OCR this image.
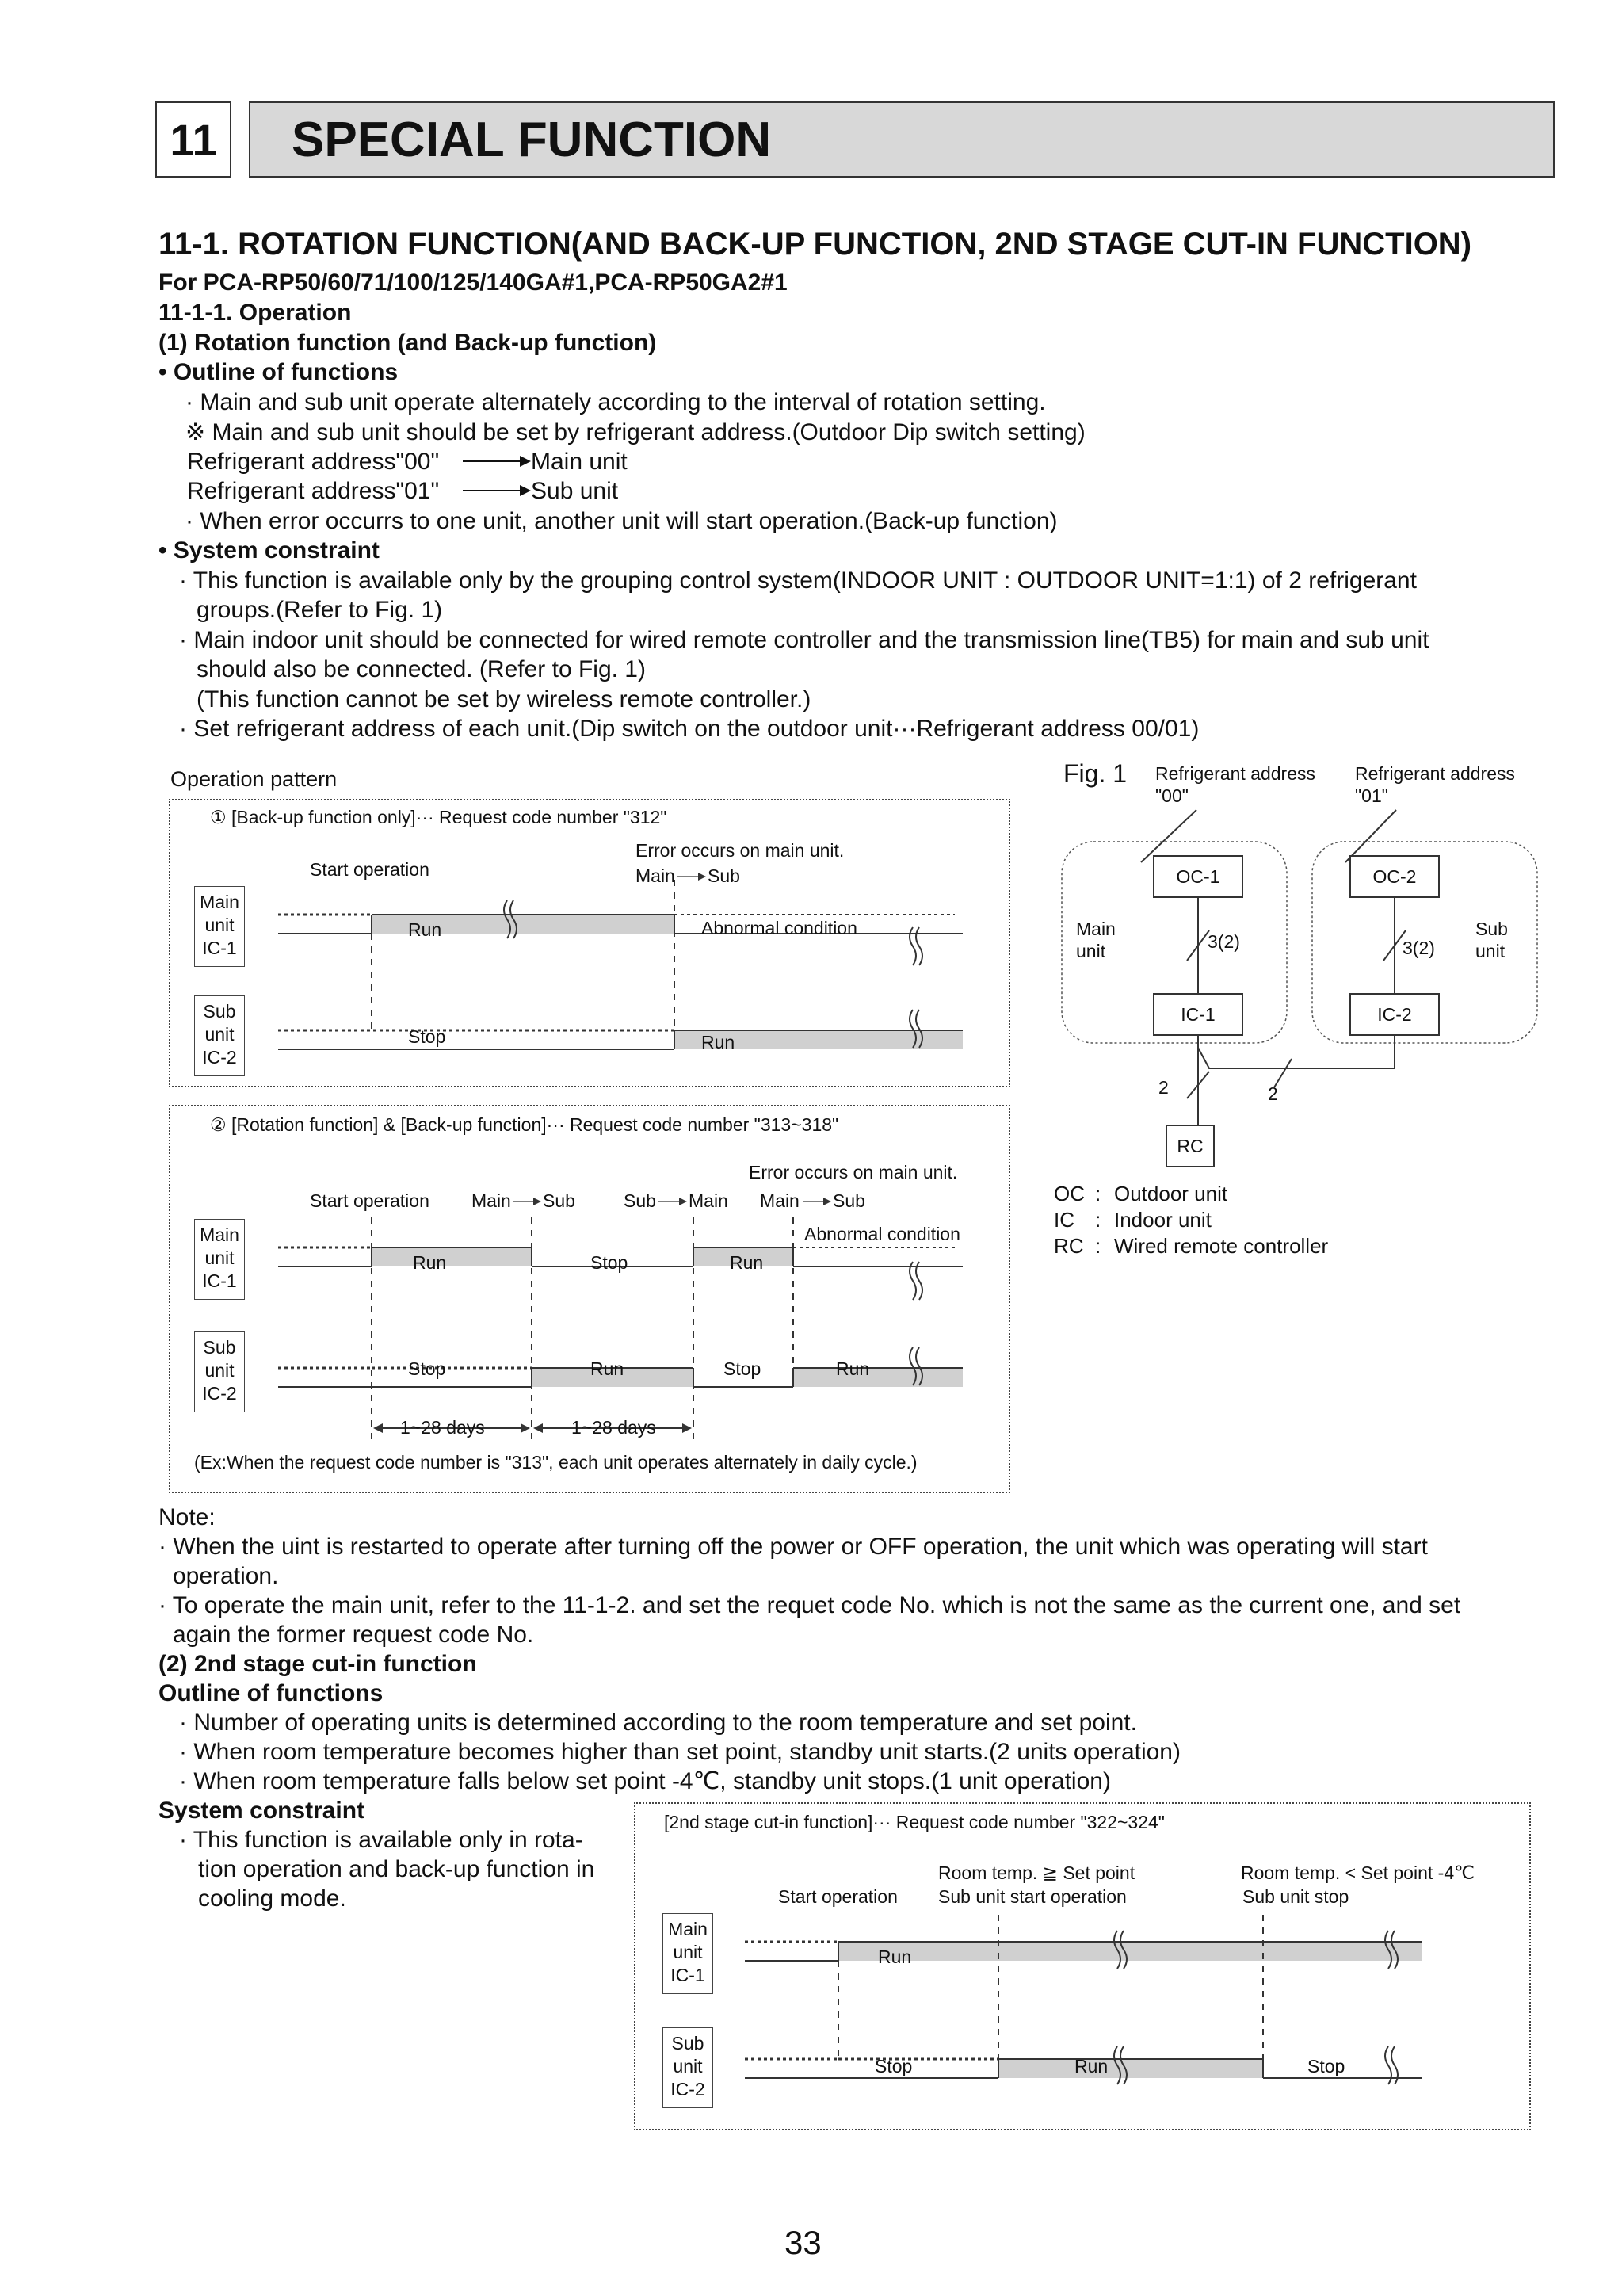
11 SPECIAL FUNCTION
11-1. ROTATION FUNCTION(AND BACK-UP FUNCTION, 2ND STAGE CUT-IN FUNCTION)
For PCA-RP50/60/71/100/125/140GA#1,PCA-RP50GA2#1
11-1-1. Operation
(1) Rotation function (and Back-up function)
• Outline of functions
· Main and sub unit operate alternately according to the interval of rotation setting.
※ Main and sub unit should be set by refrigerant address.(Outdoor Dip switch setting)
Refrigerant address"00"	Main unit
Refrigerant address"01"	Sub unit
· When error occurrs to one unit, another unit will start operation.(Back-up function)
• System constraint
· This function is available only by the grouping control system(INDOOR UNIT : OUTDOOR UNIT=1:1) of 2 refrigerant
groups.(Refer to Fig. 1)
· Main indoor unit should be connected for wired remote controller and the transmission line(TB5) for main and sub unit
should also be connected. (Refer to Fig. 1)
(This function cannot be set by wireless remote controller.)
· Set refrigerant address of each unit.(Dip switch on the outdoor unit···Refrigerant address 00/01)
Operation pattern
① [Back-up function only]··· Request code number "312"
Start operation
Error occurs on main unit.
Main Sub
Main
unit
IC-1
Sub
unit
IC-2
Run	Abnormal condition
Stop	Run
② [Rotation function] & [Back-up function]··· Request code number "313~318"
Error occurs on main unit.
Start operation Main Sub	Sub Main Main Sub
Main
unit
IC-1
Sub
unit
IC-2
Run	Stop	Run
Abnormal condition
Stop	Run	Stop	Run
1~28 days	1~28 days
(Ex:When the request code number is "313", each unit operates alternately in daily cycle.)
Fig. 1 Refrigerant address
"00"
Refrigerant address
"01"
OC-1	OC-2
IC-1	IC-2
RC
Main
unit
Sub
unit
3(2)	3(2)
2	2
OC : Outdoor unit
IC : Indoor unit
RC : Wired remote controller
Note:
· When the uint is restarted to operate after turning off the power or OFF operation, the unit which was operating will start
operation.
· To operate the main unit, refer to the 11-1-2. and set the requet code No. which is not the same as the current one, and set
again the former request code No.
(2) 2nd stage cut-in function
Outline of functions
· Number of operating units is determined according to the room temperature and set point.
· When room temperature becomes higher than set point, standby unit starts.(2 units operation)
· When room temperature falls below set point -4℃, standby unit stops.(1 unit operation)
System constraint
· This function is available only in rota-
tion operation and back-up function in
cooling mode.
[2nd stage cut-in function]··· Request code number "322~324"
Room temp. ≧ Set point
Sub unit start operation
Start operation
Room temp. < Set point -4℃
Sub unit stop
Main
unit
IC-1
Sub
unit
IC-2
Run
Stop	Run	Stop
33
